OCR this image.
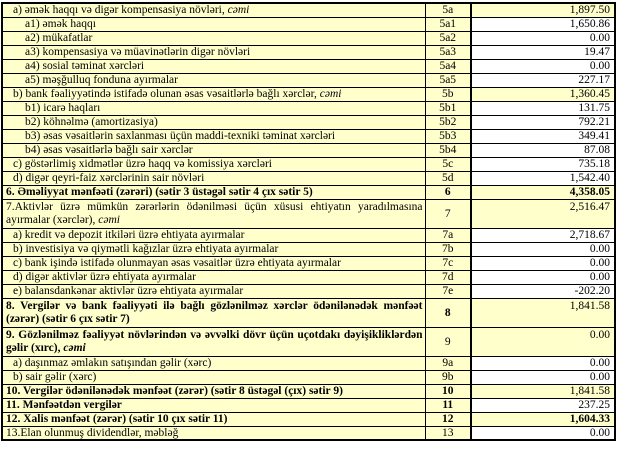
a) əmək haqqı və digər kompensasiya növləri, cəmi	5a	1,897.50
a1) əmək haqqı	5a1	1,650.86
a2) mükafatlar	5a2	0.00
a3) kompensasiya və müavinətlərin digər növləri	5a3	19.47
a4) sosial təminat xərcləri	5a4	0.00
a5) məşğulluq fonduna ayırmalar	5a5	227.17
b) bank fəaliyyətində istifadə olunan əsas vəsaitlərlə bağlı xərclər, cəmi	5b	1,360.45
b1) icarə haqları	5b1	131.75
b2) köhnəlmə (amortizasiya)	5b2	792.21
b3) əsas vəsaitlərin saxlanması üçün maddi-texniki təminat xərcləri	5b3	349.41
b4) əsas vəsaitlərlə bağlı sair xərclər	5b4	87.08
c) göstərlimiş xidmətlər üzrə haqq və komissiya xərcləri	5c	735.18
d) digər qeyri-faiz xərclərinin sair növləri	5d	1,542.40
6. Əməliyyat mənfəəti (zərəri) (sətir 3 üstəgəl sətir 4 çıx sətir 5)	6	4,358.05
7.Aktivlər üzrə mümkün zərərlərin ödənilməsi üçün xüsusi ehtiyatın yaradılmasına ayırmalar (xərclər), cəmi	7	2,516.47
a) kredit və depozit itkiləri üzrə ehtiyata ayırmalar	7a	2,718.67
b) investisiya və qiymətli kağızlar üzrə ehtiyata ayırmalar	7b	0.00
c) bank işində istifadə olunmayan əsas vəsaitlər üzrə ehtiyata ayırmalar	7c	0.00
d) digər aktivlər üzrə ehtiyata ayırmalar	7d	0.00
e) balansdankənar aktivlər üzrə ehtiyata ayırmalar	7e	-202.20
8. Vergilər və bank fəaliyyəti ilə bağlı gözlənilməz xərclər ödənilənədək mənfəət (zərər) (sətir 6 çıx sətir 7)	8	1,841.58
9. Gözlənilməz fəaliyyət növlərindən və əvvəlki dövr üçün uçotdakı dəyişikliklərdən gəlir (xırc), cəmi	9	0.00
a) daşınmaz əmlakın satışından gəlir (xərc)	9a	0.00
b) sair gəlir (xərc)	9b	0.00
10. Vergilər ödənilənədək mənfəət (zərər) (sətir 8 üstəgəl (çıx) sətir 9)	10	1,841.58
11. Mənfəətdən vergilər	11	237.25
12. Xalis mənfəət (zərər) (sətir 10 çıx sətir 11)	12	1,604.33
13.Elan olunmuş dividendlər, məbləğ	13	0.00
